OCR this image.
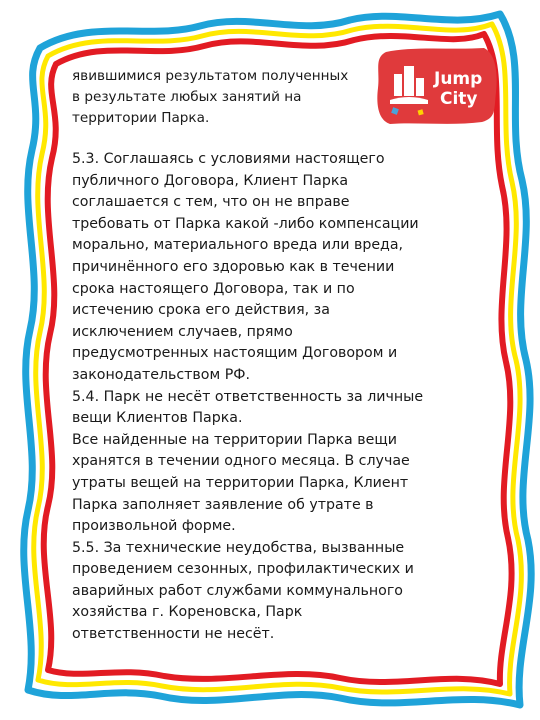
Jump
City
явившимися результатом полученных
в результате любых занятий на
территории Парка.
5.3. Соглашаясь с условиями настоящего
публичного Договора, Клиент Парка
соглашается с тем, что он не вправе
требовать от Парка какой -либо компенсации
морально, материального вреда или вреда,
причинённого его здоровью как в течении
срока настоящего Договора, так и по
истечению срока его действия, за
исключением случаев, прямо
предусмотренных настоящим Договором и
законодательством РФ.
5.4. Парк не несёт ответственность за личные
вещи Клиентов Парка.
Все найденные на территории Парка вещи
хранятся в течении одного месяца. В случае
утраты вещей на территории Парка, Клиент
Парка заполняет заявление об утрате в
произвольной форме.
5.5. За технические неудобства, вызванные
проведением сезонных, профилактических и
аварийных работ службами коммунального
хозяйства г. Кореновска, Парк
ответственности не несёт.
